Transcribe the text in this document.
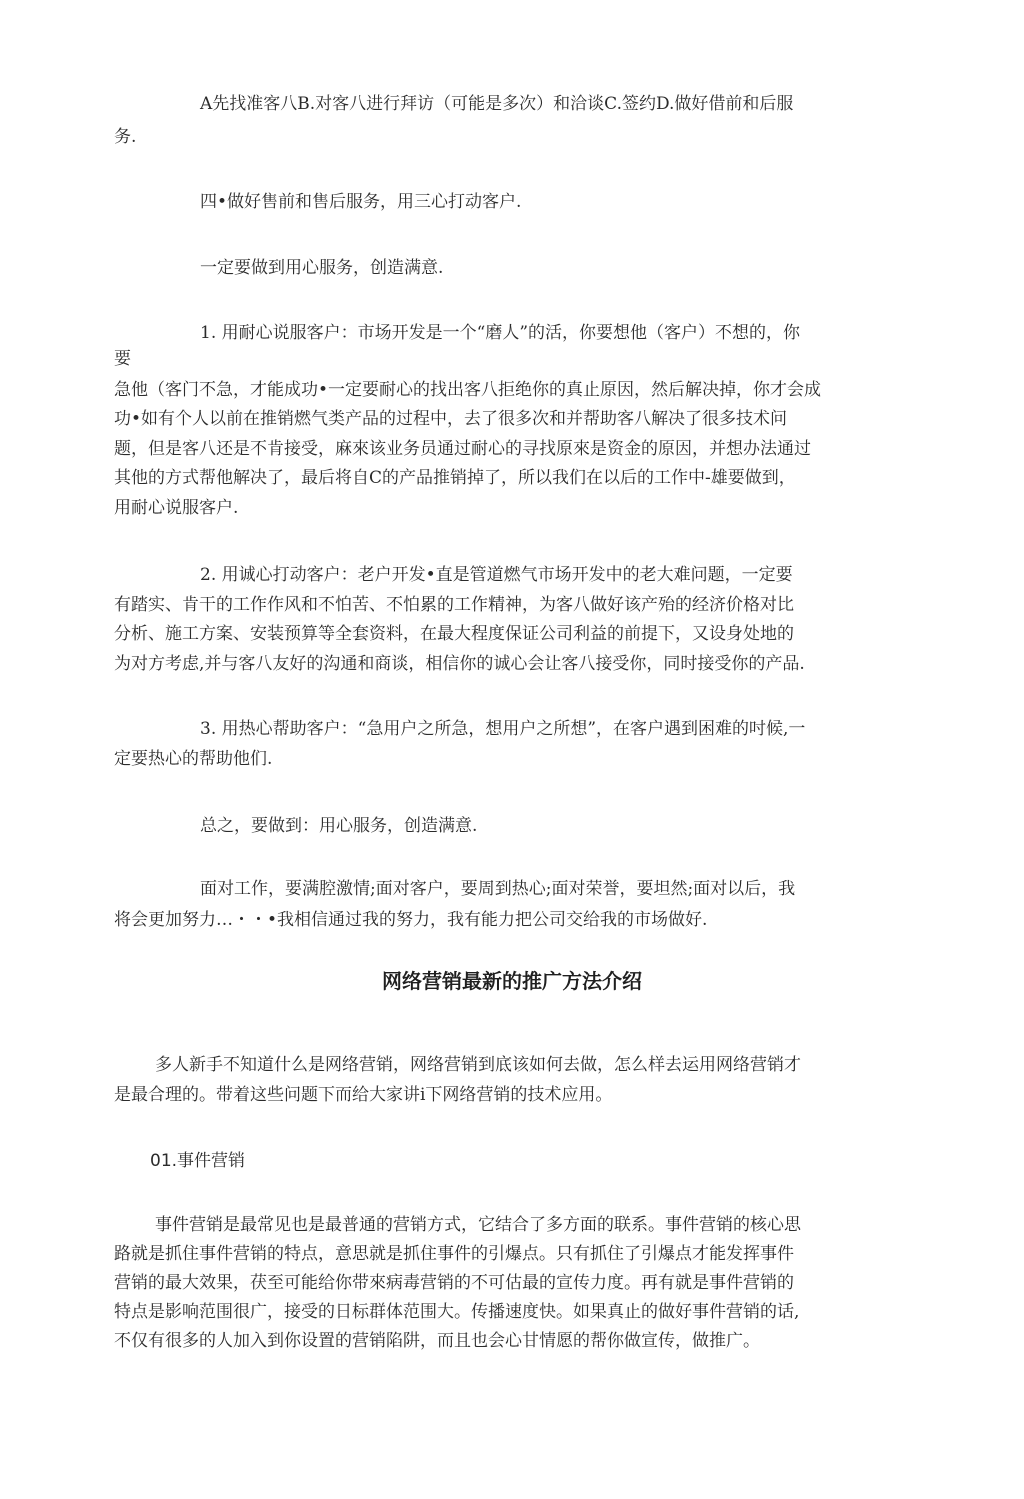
A先找准客八B.对客八进行拜访（可能是多次）和洽谈C.签约D.做好借前和后服
务.
四•做好售前和售后服务，用三心打动客户.
一定要做到用心服务，创造满意.
1. 用耐心说服客户：市场开发是一个“磨人”的活，你要想他（客户）不想的，你
要
急他（客门不急，才能成功•一定要耐心的找出客八拒绝你的真止原因，然后解决掉，你才会成
功•如有个人以前在推销燃气类产品的过程中，去了很多次和并帮助客八解决了很多技术问
题，但是客八还是不肯接受，麻來该业务员通过耐心的寻找原來是资金的原因，并想办法通过
其他的方式帮他解决了，最后将自C的产品推销掉了，所以我们在以后的工作中-雄要做到，
用耐心说服客户.
2. 用诚心打动客户：老户开发•直是管道燃气市场开发中的老大难问题，一定要
有踏实、肯干的工作作风和不怕苦、不怕累的工作精神，为客八做好该产殆的经济价格对比
分析、施工方案、安装预算等全套资料，在最大程度保证公司利益的前提下，又设身处地的
为对方考虑,并与客八友好的沟通和商谈，相信你的诚心会让客八接受你，同时接受你的产品.
3. 用热心帮助客户：“急用户之所急，想用户之所想”，在客户遇到困难的吋候,一
定要热心的帮助他们.
总之，要做到：用心服务，创造满意.
面对工作，要满腔激情;面对客户，要周到热心;面对荣誉，要坦然;面对以后，我
将会更加努力…・・•我相信通过我的努力，我有能力把公司交给我的市场做好.
网络营销最新的推广方法介绍
多人新手不知道什么是网络营销，网络营销到底该如何去做，怎么样去运用网络营销才
是最合理的。带着这些问题下而给大家讲i下网络营销的技术应用。
01.事件营销
事件营销是最常见也是最普通的营销方式，它结合了多方面的联系。事件营销的核心思
路就是抓住事件营销的特点，意思就是抓住事件的引爆点。只有抓住了引爆点才能发挥事件
营销的最大效果，茯至可能给你带來病毒营销的不可估最的宣传力度。再有就是事件营销的
特点是影响范围很广，接受的日标群体范围大。传播速度快。如果真止的做好事件营销的话,
不仅有很多的人加入到你设置的营销陷阱，而且也会心甘情愿的帮你做宣传，做推广。
